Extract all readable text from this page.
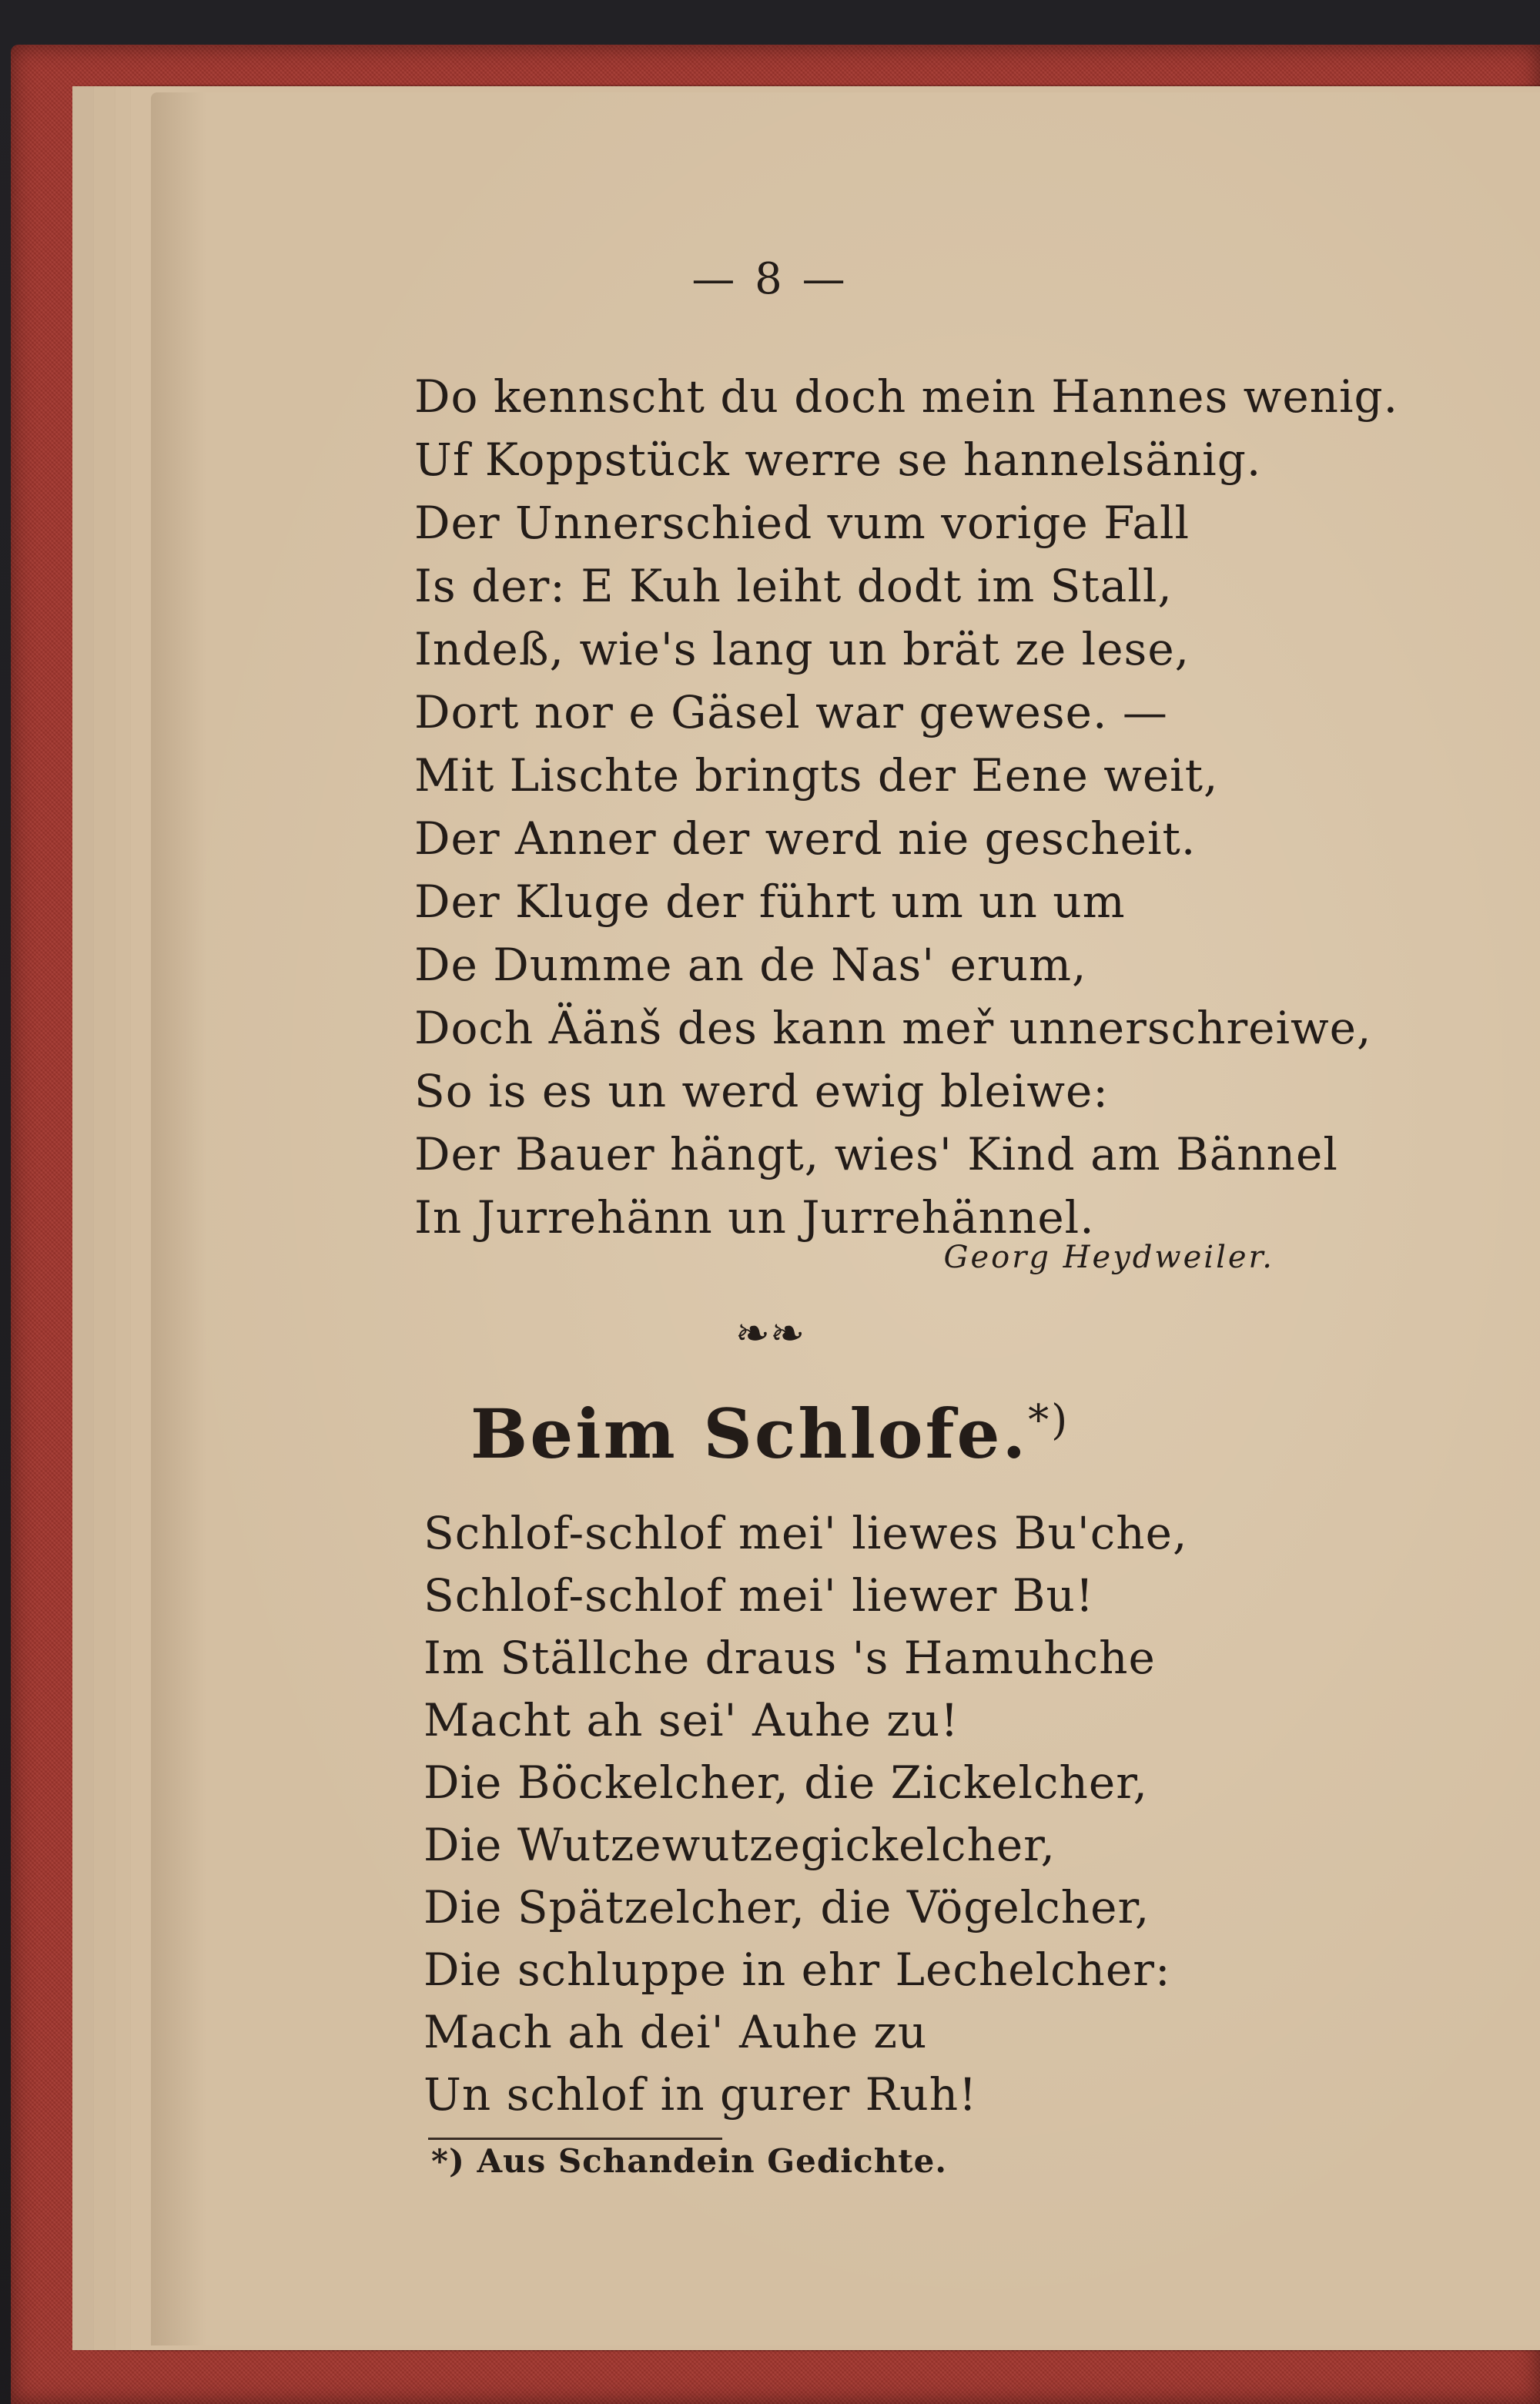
— 8 —
Do kennscht du doch mein Hannes wenig.
Uf Koppstück werre se hannelsänig.
Der Unnerschied vum vorige Fall
Is der: E Kuh leiht dodt im Stall,
Indeß, wie's lang un brät ze lese,
Dort nor e Gäsel war gewese. —
Mit Lischte bringts der Eene weit,
Der Anner der werd nie gescheit.
Der Kluge der führt um un um
De Dumme an de Nas' erum,
Doch Äänš des kann meř unnerschreiwe,
So is es un werd ewig bleiwe:
Der Bauer hängt, wies' Kind am Bännel
In Jurrehänn un Jurrehännel.
Georg Heydweiler.
❧❧
Beim Schlofe.*)
Schlof-schlof mei' liewes Bu'che,
Schlof-schlof mei' liewer Bu!
Im Ställche draus 's Hamuhche
Macht ah sei' Auhe zu!
Die Böckelcher, die Zickelcher,
Die Wutzewutzegickelcher,
Die Spätzelcher, die Vögelcher,
Die schluppe in ehr Lechelcher:
Mach ah dei' Auhe zu
Un schlof in gurer Ruh!
*) Aus Schandein Gedichte.
